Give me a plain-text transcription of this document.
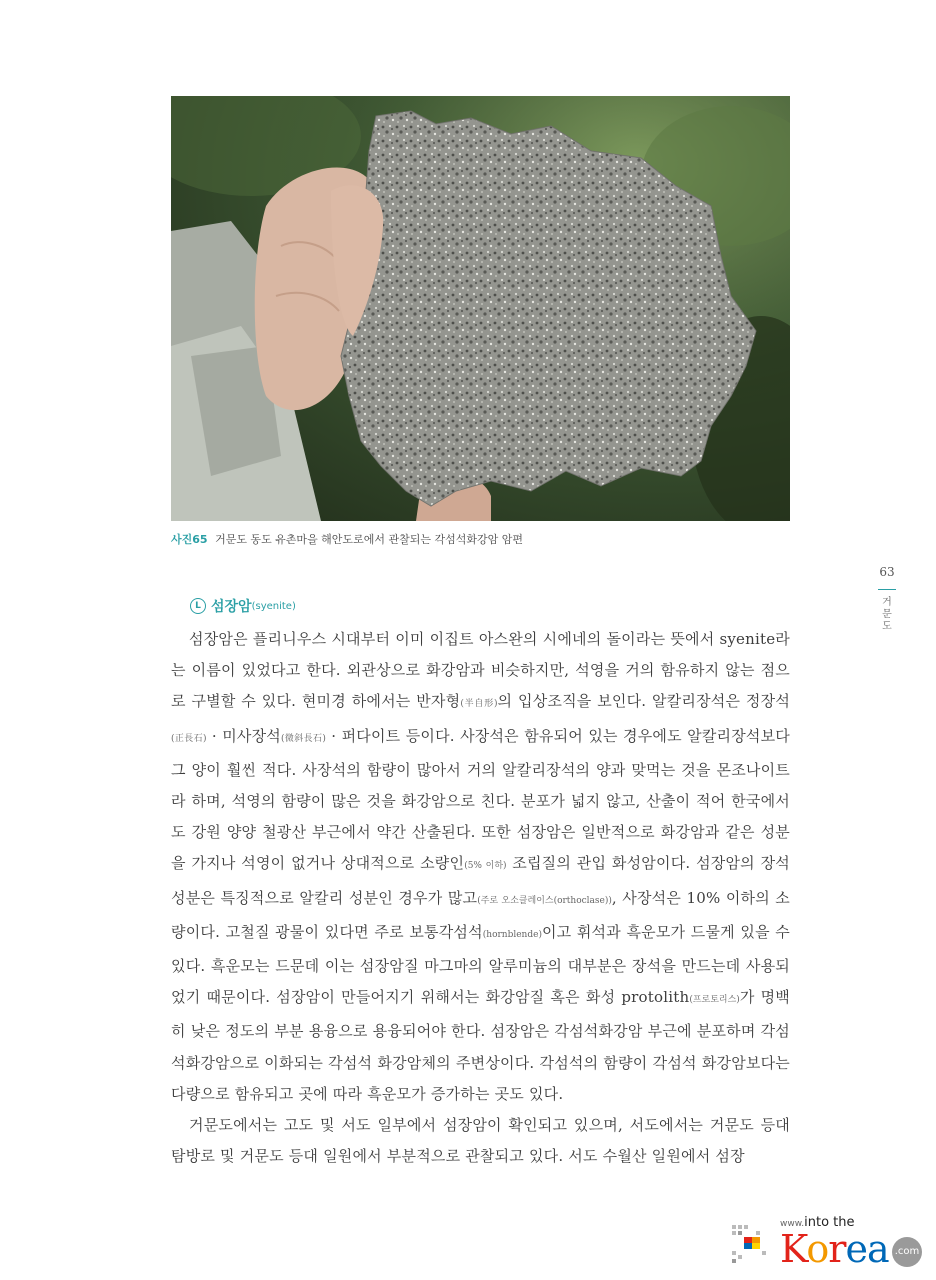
사진65 거문도 동도 유촌마을 해안도로에서 관찰되는 각섬석화강암 암편
63
거문도
L 섬장암 (syenite)

섬장암은 플리니우스 시대부터 이미 이집트 아스완의 시에네의 돌이라는 뜻에서 syenite라는 이름이 있었다고 한다. 외관상으로 화강암과 비슷하지만, 석영을 거의 함유하지 않는 점으로 구별할 수 있다. 현미경 하에서는 반자형(半自形)의 입상조직을 보인다. 알칼리장석은 정장석(正長石) · 미사장석(微斜長石) · 퍼다이트 등이다. 사장석은 함유되어 있는 경우에도 알칼리장석보다 그 양이 훨씬 적다. 사장석의 함량이 많아서 거의 알칼리장석의 양과 맞먹는 것을 몬조나이트라 하며, 석영의 함량이 많은 것을 화강암으로 친다. 분포가 넓지 않고, 산출이 적어 한국에서도 강원 양양 철광산 부근에서 약간 산출된다. 또한 섬장암은 일반적으로 화강암과 같은 성분을 가지나 석영이 없거나 상대적으로 소량인(5% 이하) 조립질의 관입 화성암이다. 섬장암의 장석 성분은 특징적으로 알칼리 성분인 경우가 많고(주로 오소클레이스(orthoclase)), 사장석은 10% 이하의 소량이다. 고철질 광물이 있다면 주로 보통각섬석(hornblende)이고 휘석과 흑운모가 드물게 있을 수 있다. 흑운모는 드문데 이는 섬장암질 마그마의 알루미늄의 대부분은 장석을 만드는데 사용되었기 때문이다. 섬장암이 만들어지기 위해서는 화강암질 혹은 화성 protolith(프로토리스)가 명백히 낮은 정도의 부분 용융으로 용융되어야 한다. 섬장암은 각섬석화강암 부근에 분포하며 각섬석화강암으로 이화되는 각섬석 화강암체의 주변상이다. 각섬석의 함량이 각섬석 화강암보다는 다량으로 함유되고 곳에 따라 흑운모가 증가하는 곳도 있다.

거문도에서는 고도 및 서도 일부에서 섬장암이 확인되고 있으며, 서도에서는 거문도 등대 탐방로 및 거문도 등대 일원에서 부분적으로 관찰되고 있다. 서도 수월산 일원에서 섬장

www.into the
Korea .com
